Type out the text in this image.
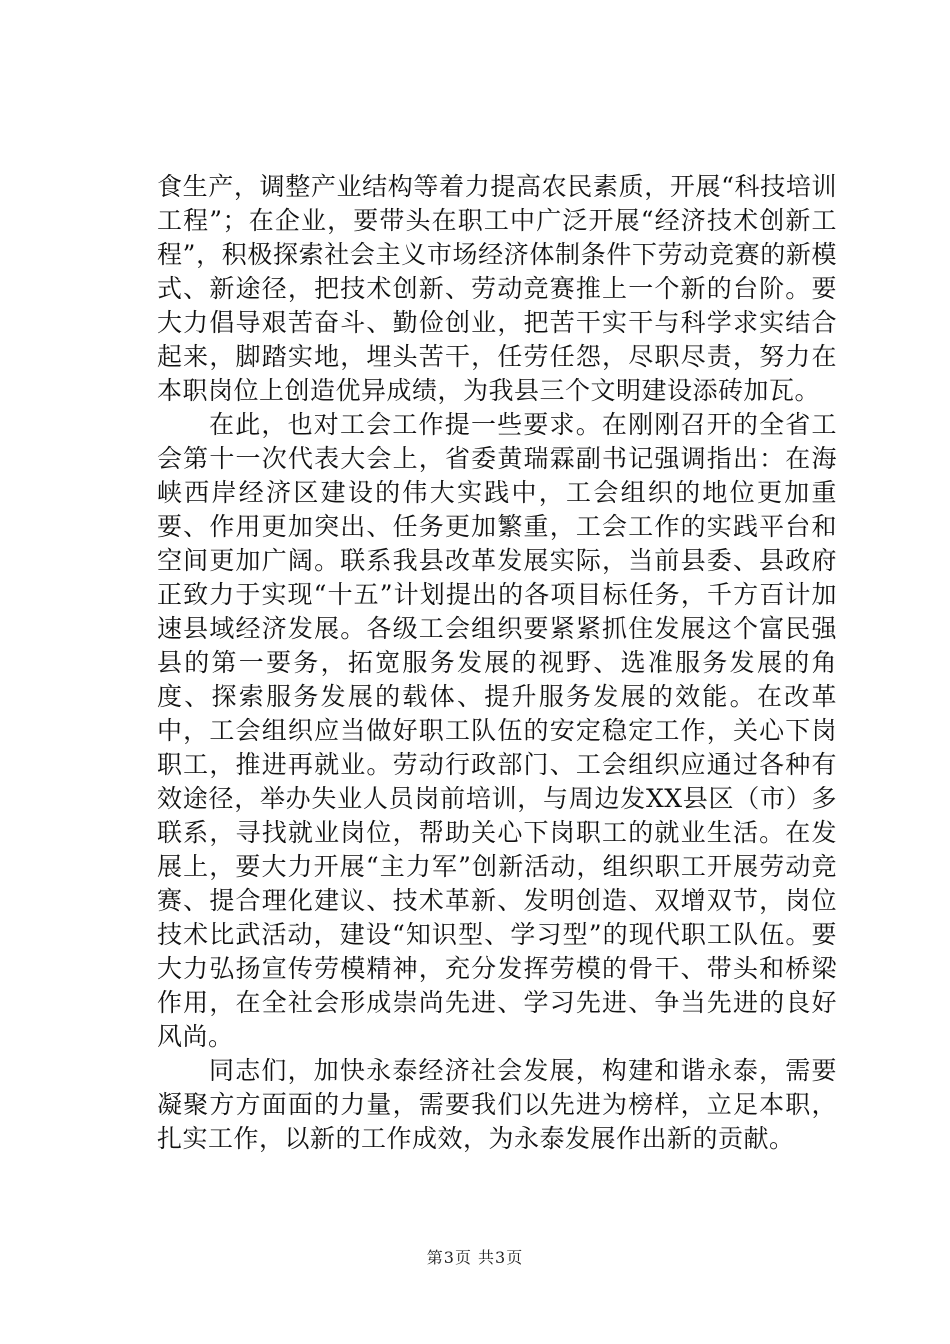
食生产，调整产业结构等着力提高农民素质，开展“科技培训工程”；在企业，要带头在职工中广泛开展“经济技术创新工程”，积极探索社会主义市场经济体制条件下劳动竞赛的新模式、新途径，把技术创新、劳动竞赛推上一个新的台阶。要大力倡导艰苦奋斗、勤俭创业，把苦干实干与科学求实结合起来，脚踏实地，埋头苦干，任劳任怨，尽职尽责，努力在本职岗位上创造优异成绩，为我县三个文明建设添砖加瓦。

在此，也对工会工作提一些要求。在刚刚召开的全省工会第十一次代表大会上，省委黄瑞霖副书记强调指出：在海峡西岸经济区建设的伟大实践中，工会组织的地位更加重要、作用更加突出、任务更加繁重，工会工作的实践平台和空间更加广阔。联系我县改革发展实际，当前县委、县政府正致力于实现“十五”计划提出的各项目标任务，千方百计加速县域经济发展。各级工会组织要紧紧抓住发展这个富民强县的第一要务，拓宽服务发展的视野、选准服务发展的角度、探索服务发展的载体、提升服务发展的效能。在改革中，工会组织应当做好职工队伍的安定稳定工作，关心下岗职工，推进再就业。劳动行政部门、工会组织应通过各种有效途径，举办失业人员岗前培训，与周边发XX县区（市）多联系，寻找就业岗位，帮助关心下岗职工的就业生活。在发展上，要大力开展“主力军”创新活动，组织职工开展劳动竞赛、提合理化建议、技术革新、发明创造、双增双节，岗位技术比武活动，建设“知识型、学习型”的现代职工队伍。要大力弘扬宣传劳模精神，充分发挥劳模的骨干、带头和桥梁作用，在全社会形成崇尚先进、学习先进、争当先进的良好风尚。

同志们，加快永泰经济社会发展，构建和谐永泰，需要凝聚方方面面的力量，需要我们以先进为榜样，立足本职，扎实工作，以新的工作成效，为永泰发展作出新的贡献。

第3页 共3页
